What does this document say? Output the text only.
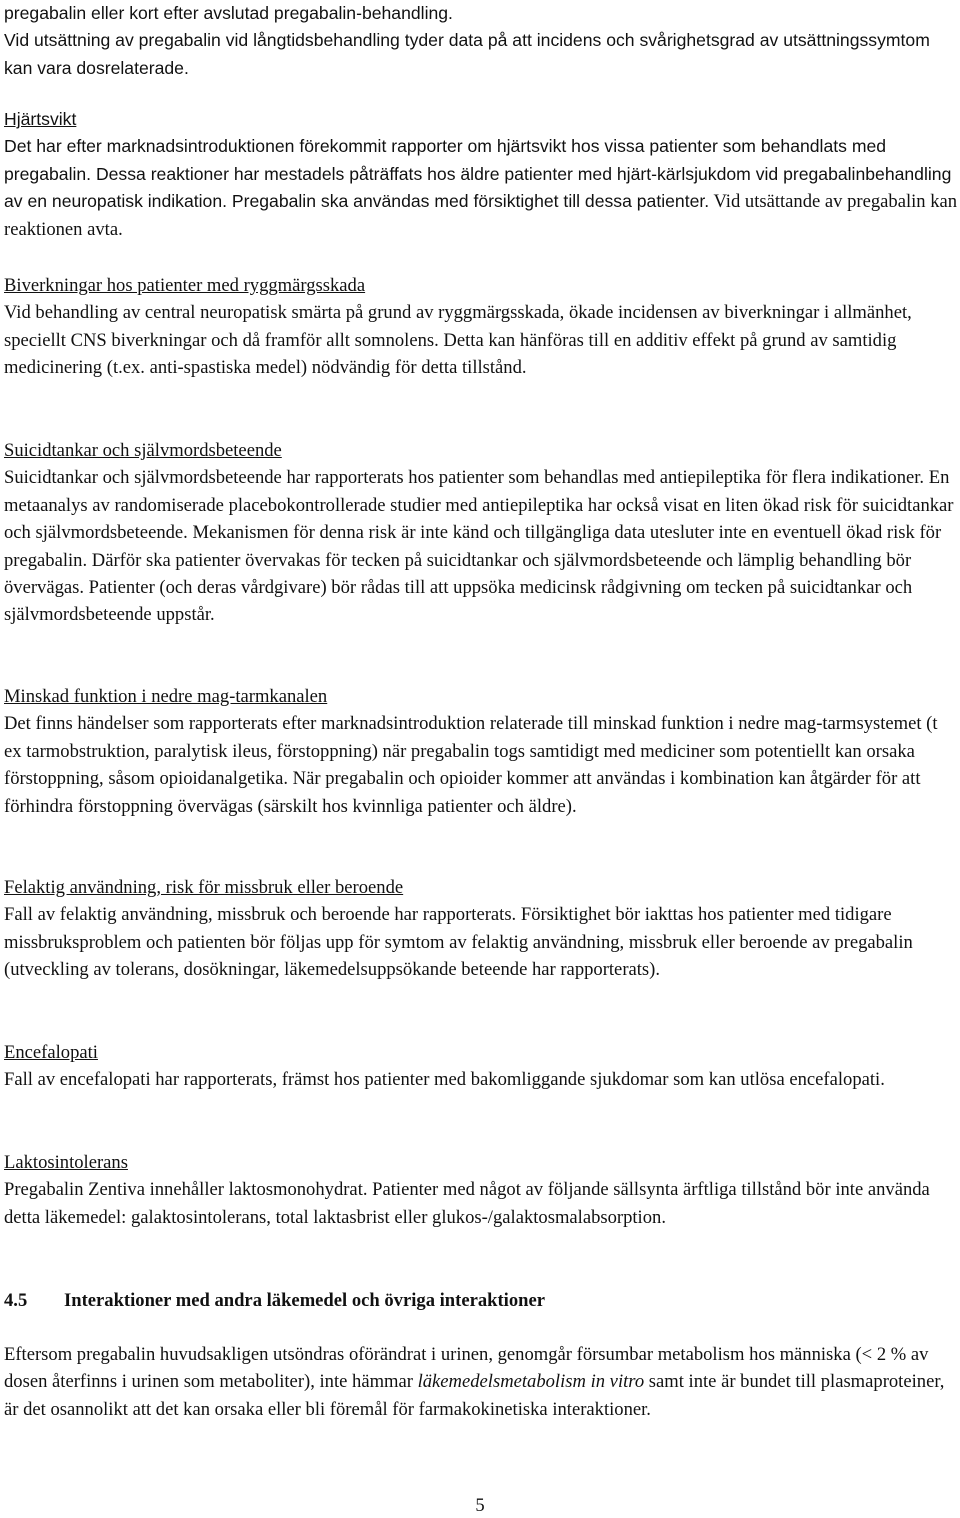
pregabalin eller kort efter avslutad pregabalin-behandling.

Vid utsättning av pregabalin vid långtidsbehandling tyder data på att incidens och svårighetsgrad av utsättningssymtom kan vara dosrelaterade.

Hjärtsvikt

Det har efter marknadsintroduktionen förekommit rapporter om hjärtsvikt hos vissa patienter som behandlats med pregabalin. Dessa reaktioner har mestadels påträffats hos äldre patienter med hjärt-kärlsjukdom vid pregabalinbehandling av en neuropatisk indikation. Pregabalin ska användas med försiktighet till dessa patienter. Vid utsättande av pregabalin kan reaktionen avta.

Biverkningar hos patienter med ryggmärgsskada

Vid behandling av central neuropatisk smärta på grund av ryggmärgsskada, ökade incidensen av biverkningar i allmänhet, speciellt CNS biverkningar och då framför allt somnolens. Detta kan hänföras till en additiv effekt på grund av samtidig medicinering (t.ex. anti-spastiska medel) nödvändig för detta tillstånd.

Suicidtankar och självmordsbeteende

Suicidtankar och självmordsbeteende har rapporterats hos patienter som behandlas med antiepileptika för flera indikationer. En metaanalys av randomiserade placebokontrollerade studier med antiepileptika har också visat en liten ökad risk för suicidtankar och självmordsbeteende. Mekanismen för denna risk är inte känd och tillgängliga data utesluter inte en eventuell ökad risk för pregabalin. Därför ska patienter övervakas för tecken på suicidtankar och självmordsbeteende och lämplig behandling bör övervägas. Patienter (och deras vårdgivare) bör rådas till att uppsöka medicinsk rådgivning om tecken på suicidtankar och självmordsbeteende uppstår.

Minskad funktion i nedre mag-tarmkanalen

Det finns händelser som rapporterats efter marknadsintroduktion relaterade till minskad funktion i nedre mag-tarmsystemet (t ex tarmobstruktion, paralytisk ileus, förstoppning) när pregabalin togs samtidigt med mediciner som potentiellt kan orsaka förstoppning, såsom opioidanalgetika. När pregabalin och opioider kommer att användas i kombination kan åtgärder för att förhindra förstoppning övervägas (särskilt hos kvinnliga patienter och äldre).

Felaktig användning, risk för missbruk eller beroende

Fall av felaktig användning, missbruk och beroende har rapporterats. Försiktighet bör iakttas hos patienter med tidigare missbruksproblem och patienten bör följas upp för symtom av felaktig användning, missbruk eller beroende av pregabalin (utveckling av tolerans, dosökningar, läkemedelsuppsökande beteende har rapporterats).

Encefalopati

Fall av encefalopati har rapporterats, främst hos patienter med bakomliggande sjukdomar som kan utlösa encefalopati.

Laktosintolerans

Pregabalin Zentiva innehåller laktosmonohydrat. Patienter med något av följande sällsynta ärftliga tillstånd bör inte använda detta läkemedel: galaktosintolerans, total laktasbrist eller glukos-/galaktosmalabsorption.

4.5 Interaktioner med andra läkemedel och övriga interaktioner

Eftersom pregabalin huvudsakligen utsöndras oförändrat i urinen, genomgår försumbar metabolism hos människa (< 2 % av dosen återfinns i urinen som metaboliter), inte hämmar läkemedelsmetabolism in vitro samt inte är bundet till plasmaproteiner, är det osannolikt att det kan orsaka eller bli föremål för farmakokinetiska interaktioner.

5
